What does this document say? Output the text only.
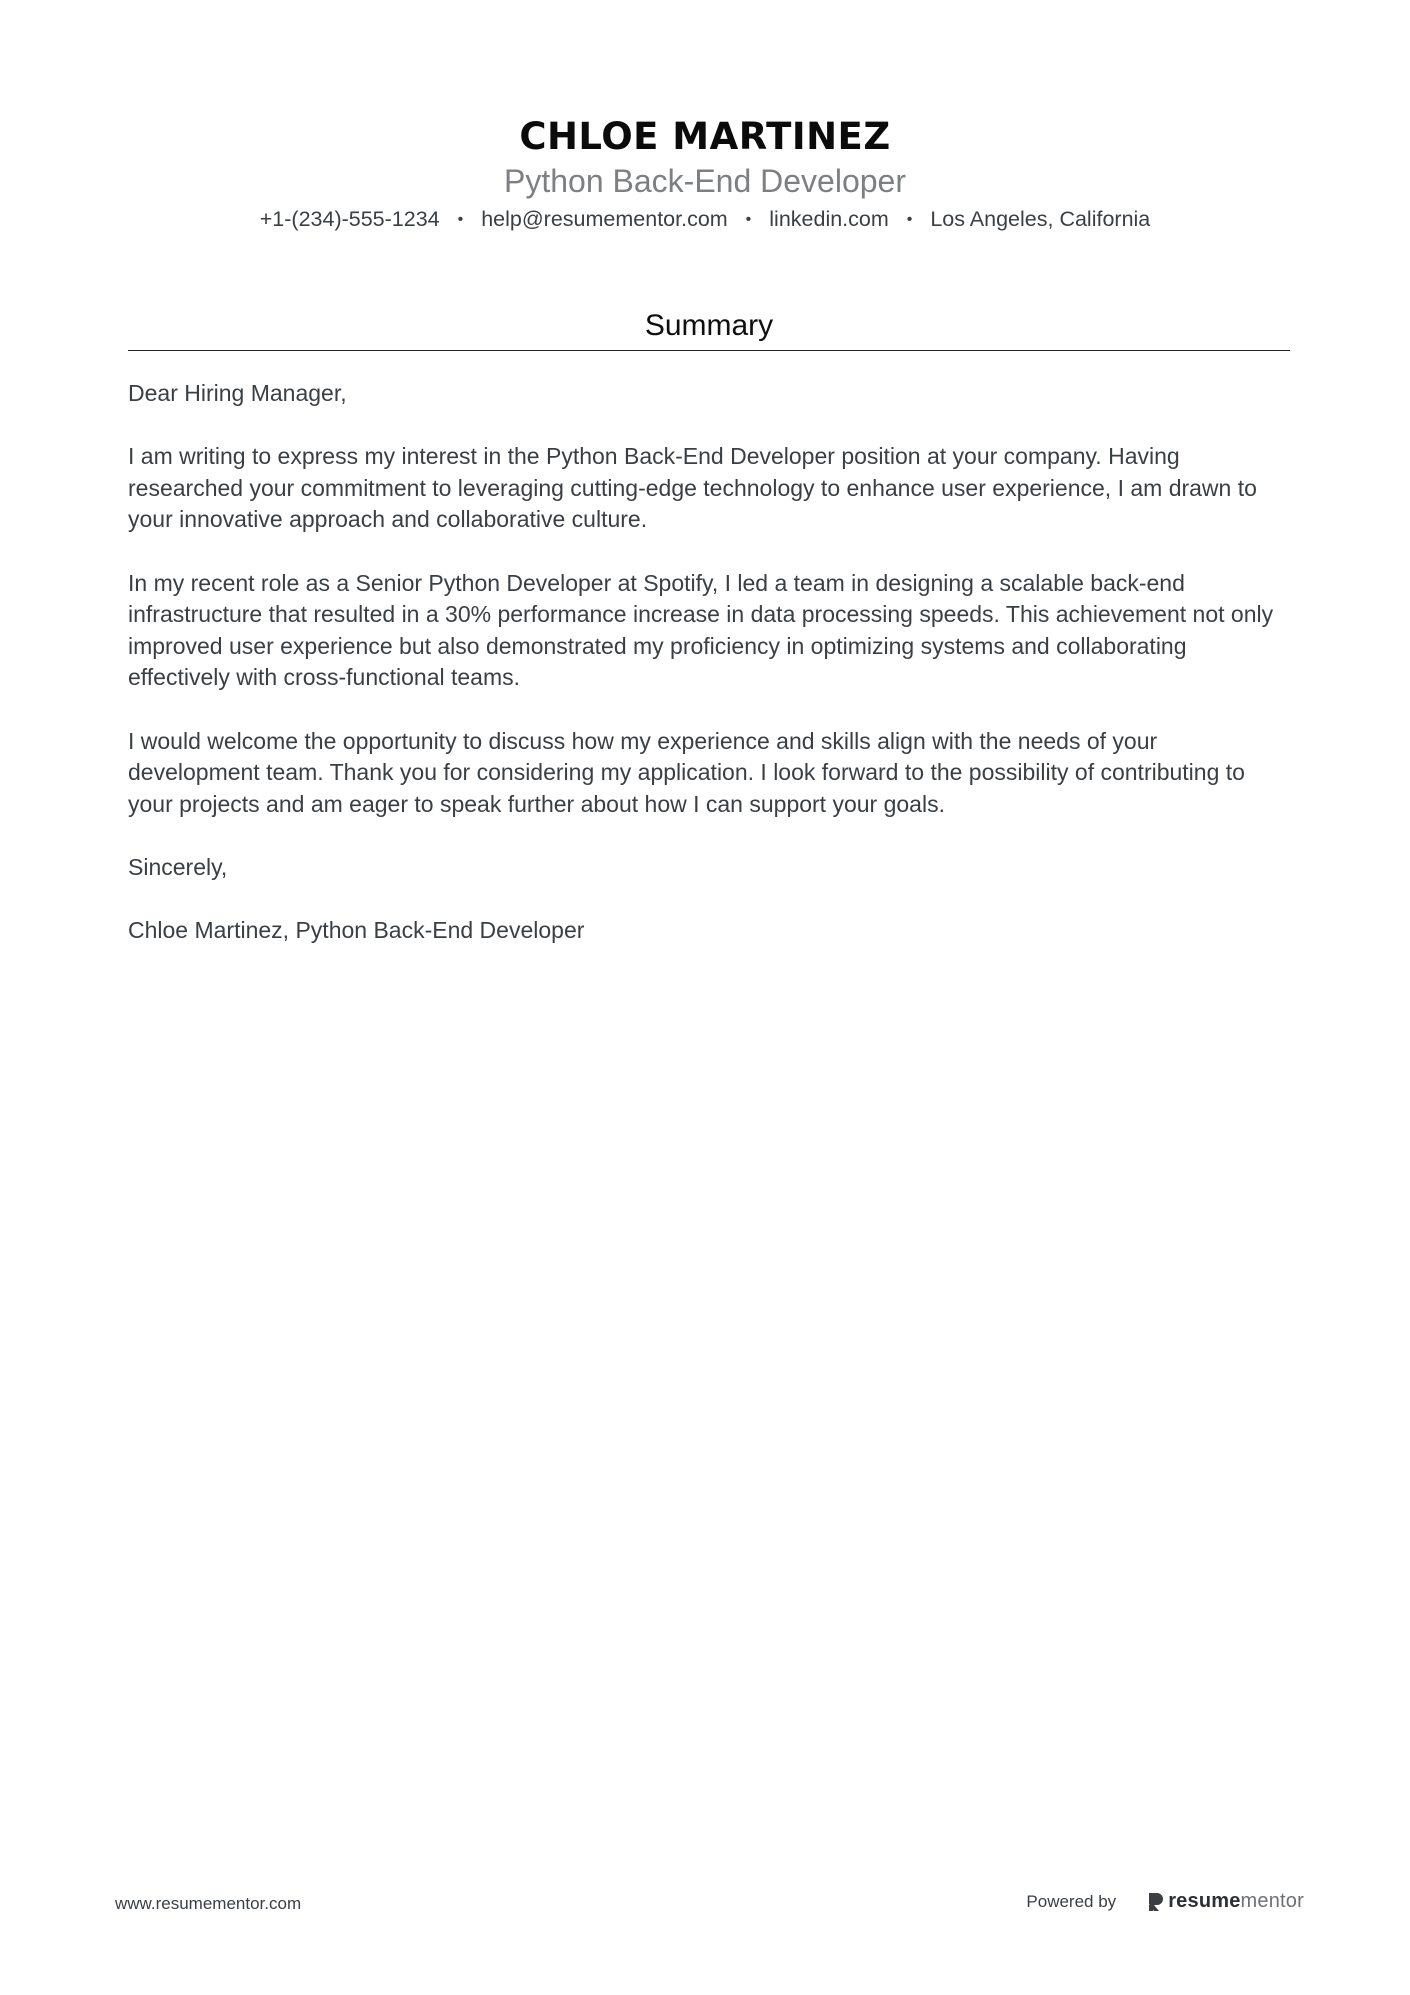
CHLOE MARTINEZ
Python Back-End Developer
+1-(234)-555-1234 • help@resumementor.com • linkedin.com • Los Angeles, California
Summary

Dear Hiring Manager,

I am writing to express my interest in the Python Back-End Developer position at your company. Having researched your commitment to leveraging cutting-edge technology to enhance user experience, I am drawn to your innovative approach and collaborative culture.

In my recent role as a Senior Python Developer at Spotify, I led a team in designing a scalable back-end infrastructure that resulted in a 30% performance increase in data processing speeds. This achievement not only improved user experience but also demonstrated my proficiency in optimizing systems and collaborating effectively with cross-functional teams.

I would welcome the opportunity to discuss how my experience and skills align with the needs of your development team. Thank you for considering my application. I look forward to the possibility of contributing to your projects and am eager to speak further about how I can support your goals.

Sincerely,

Chloe Martinez, Python Back-End Developer

www.resumementor.com	Powered by	resume mentor
